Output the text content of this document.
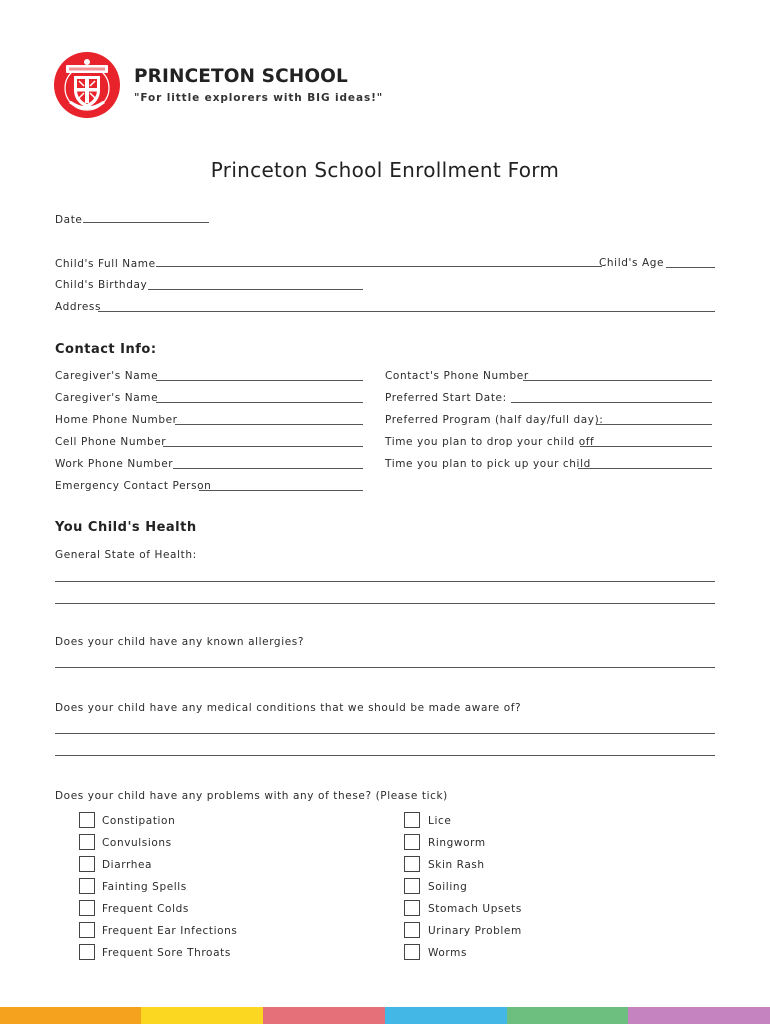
PRINCETON SCHOOL
"For little explorers with BIG ideas!"
Princeton School Enrollment Form
Date
Child's Full Name	Child's Age
Child's Birthday
Address
Contact Info:
Caregiver's Name
Caregiver's Name
Home Phone Number
Cell Phone Number
Work Phone Number
Emergency Contact Person
Contact's Phone Number
Preferred Start Date:
Preferred Program (half day/full day):
Time you plan to drop your child off
Time you plan to pick up your child
You Child's Health
General State of Health:
Does your child have any known allergies?
Does your child have any medical conditions that we should be made aware of?
Does your child have any problems with any of these? (Please tick)
Constipation
Convulsions
Diarrhea
Fainting Spells
Frequent Colds
Frequent Ear Infections
Frequent Sore Throats
Lice
Ringworm
Skin Rash
Soiling
Stomach Upsets
Urinary Problem
Worms
